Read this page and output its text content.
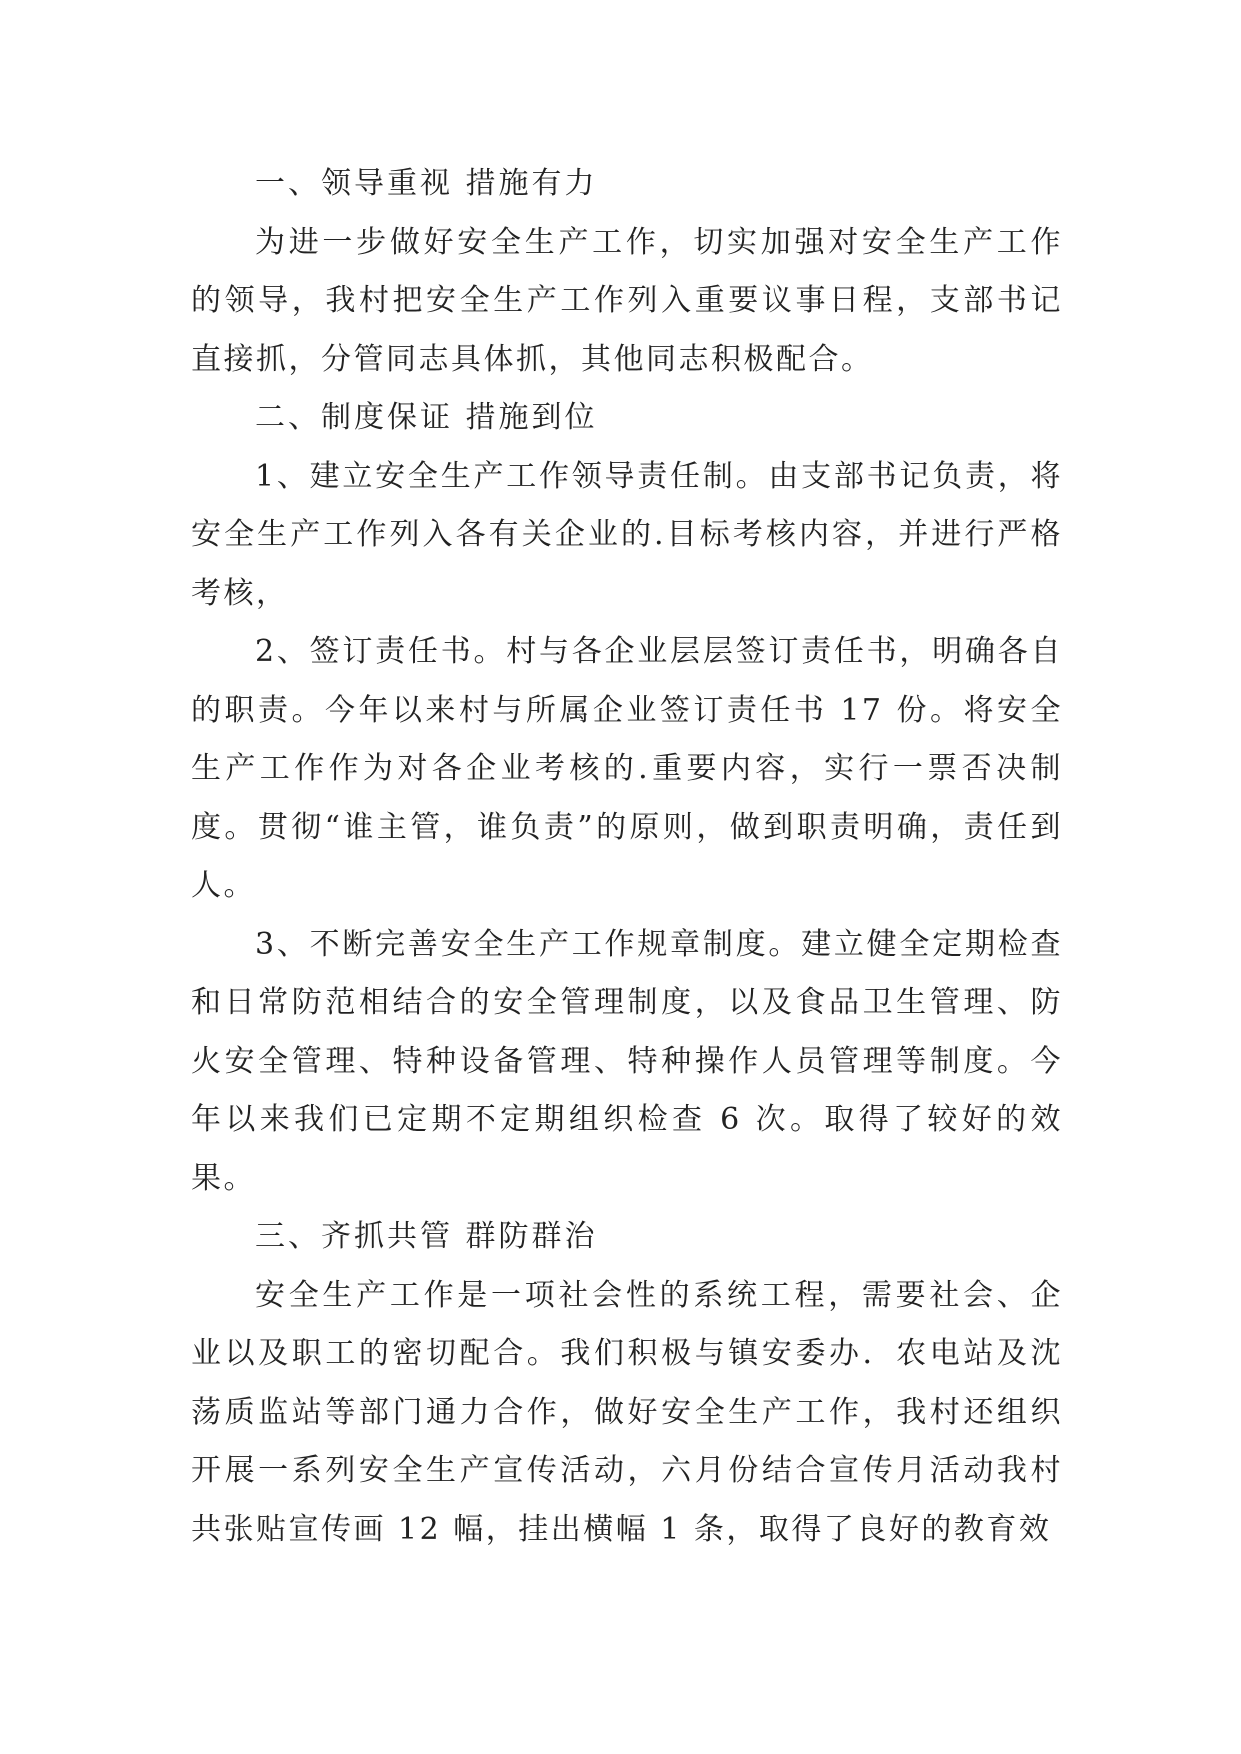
一、领导重视 措施有力

为进一步做好安全生产工作，切实加强对安全生产工作的领导，我村把安全生产工作列入重要议事日程，支部书记直接抓，分管同志具体抓，其他同志积极配合。

二、制度保证 措施到位

1、建立安全生产工作领导责任制。由支部书记负责，将安全生产工作列入各有关企业的.目标考核内容，并进行严格考核，

2、签订责任书。村与各企业层层签订责任书，明确各自的职责。今年以来村与所属企业签订责任书 17 份。将安全生产工作作为对各企业考核的.重要内容，实行一票否决制度。贯彻“谁主管，谁负责”的原则，做到职责明确，责任到人。

3、不断完善安全生产工作规章制度。建立健全定期检查和日常防范相结合的安全管理制度，以及食品卫生管理、防火安全管理、特种设备管理、特种操作人员管理等制度。今年以来我们已定期不定期组织检查 6 次。取得了较好的效果。

三、齐抓共管 群防群治

安全生产工作是一项社会性的系统工程，需要社会、企业以及职工的密切配合。我们积极与镇安委办．农电站及沈荡质监站等部门通力合作，做好安全生产工作，我村还组织开展一系列安全生产宣传活动，六月份结合宣传月活动我村共张贴宣传画 12 幅，挂出横幅 1 条，取得了良好的教育效
